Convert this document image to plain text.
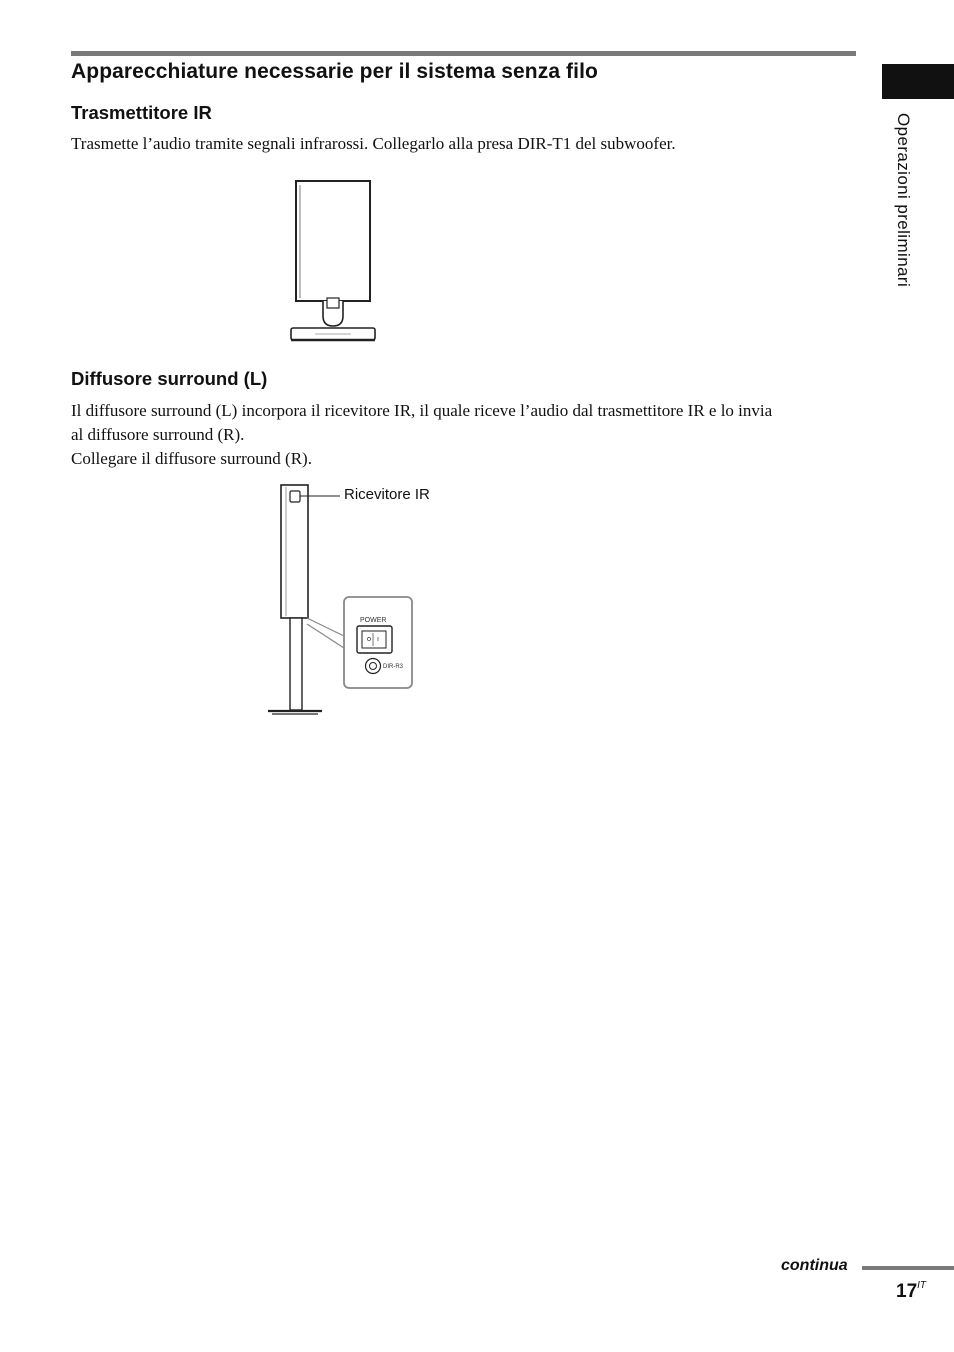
Apparecchiature necessarie per il sistema senza filo
Trasmettitore IR

Trasmette l’audio tramite segnali infrarossi. Collegarlo alla presa DIR-T1 del subwoofer.

Diffusore surround (L)

Il diffusore surround (L) incorpora il ricevitore IR, il quale riceve l’audio dal trasmettitore IR e lo invia

al diffusore surround (R).

Collegare il diffusore surround (R).

POWER
DIR-R3
Ricevitore IR
Operazioni preliminari
continua
$17^{IT}$
